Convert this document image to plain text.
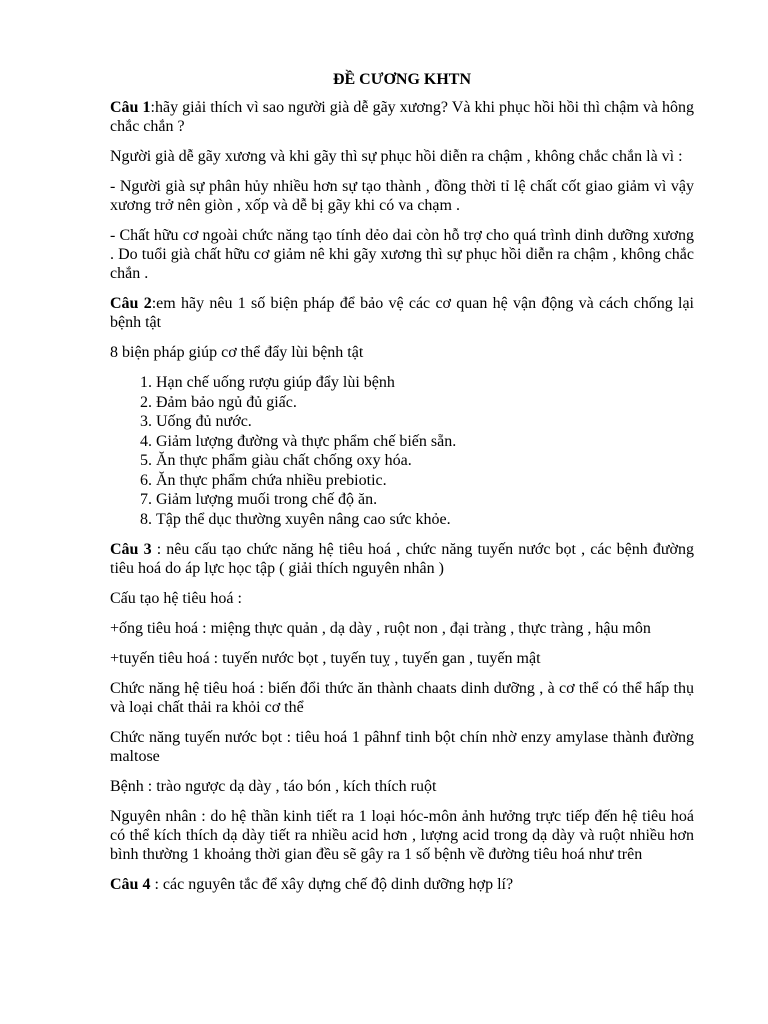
ĐỀ CƯƠNG KHTN

Câu 1:hãy giải thích vì sao người già dễ gãy xương? Và khi phục hồi hồi thì chậm và hông chắc chắn ?

Người già dễ gãy xương và khi gãy thì sự phục hồi diễn ra chậm , không chắc chắn là vì :

- Người già sự phân hủy nhiều hơn sự tạo thành , đồng thời tỉ lệ chất cốt giao giảm vì vậy xương trở nên giòn , xốp và dễ bị gãy khi có va chạm .

- Chất hữu cơ ngoài chức năng tạo tính dẻo dai còn hỗ trợ cho quá trình dinh dưỡng xương . Do tuổi già chất hữu cơ giảm nê khi gãy xương thì sự phục hồi diễn ra chậm , không chắc chắn .

Câu 2:em hãy nêu 1 số biện pháp để bảo vệ các cơ quan hệ vận động và cách chống lại bệnh tật

8 biện pháp giúp cơ thể đẩy lùi bệnh tật

1. Hạn chế uống rượu giúp đẩy lùi bệnh
2. Đảm bảo ngủ đủ giấc.
3. Uống đủ nước.
4. Giảm lượng đường và thực phẩm chế biến sẵn.
5. Ăn thực phẩm giàu chất chống oxy hóa.
6. Ăn thực phẩm chứa nhiều prebiotic.
7. Giảm lượng muối trong chế độ ăn.
8. Tập thể dục thường xuyên nâng cao sức khỏe.

Câu 3 : nêu cấu tạo chức năng hệ tiêu hoá , chức năng tuyến nước bọt , các bệnh đường tiêu hoá do áp lực học tập ( giải thích nguyên nhân )

Cấu tạo hệ tiêu hoá :

+ống tiêu hoá : miệng thực quản , dạ dày , ruột non , đại tràng , thực tràng , hậu môn

+tuyến tiêu hoá : tuyến nước bọt , tuyến tuỵ , tuyến gan , tuyến mật

Chức năng hệ tiêu hoá : biến đổi thức ăn thành chaats dinh dưỡng , à cơ thể có thể hấp thụ và loại chất thải ra khỏi cơ thể

Chức năng tuyến nước bọt : tiêu hoá 1 pâhnf tinh bột chín nhờ enzy amylase thành đường maltose

Bệnh : trào ngược dạ dày , táo bón , kích thích ruột

Nguyên nhân : do hệ thần kinh tiết ra 1 loại hóc-môn ảnh hưởng trực tiếp đến hệ tiêu hoá có thể kích thích dạ dày tiết ra nhiều acid hơn , lượng acid trong dạ dày và ruột nhiều hơn bình thường 1 khoảng thời gian đều sẽ gây ra 1 số bệnh về đường tiêu hoá như trên

Câu 4 : các nguyên tắc để xây dựng chế độ dinh dưỡng hợp lí?
